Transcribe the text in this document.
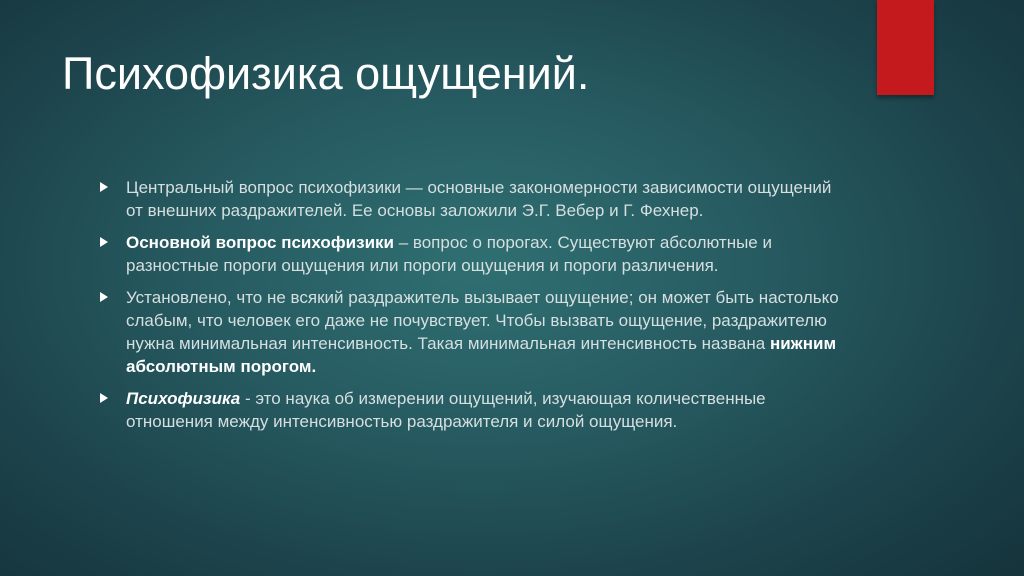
Психофизика ощущений.
Центральный вопрос психофизики — основные закономерности зависимости ощущений от внешних раздражителей. Ее основы заложили Э.Г. Вебер и Г. Фехнер.
Основной вопрос психофизики – вопрос о порогах. Существуют абсолютные и разностные пороги ощущения или пороги ощущения и пороги различения.
Установлено, что не всякий раздражитель вызывает ощущение; он может быть настолько слабым, что человек его даже не почувствует. Чтобы вызвать ощущение, раздражителю нужна минимальная интенсивность. Такая минимальная интенсивность названа нижним абсолютным порогом.
Психофизика - это наука об измерении ощущений, изучающая количественные отношения между интенсивностью раздражителя и силой ощущения.
